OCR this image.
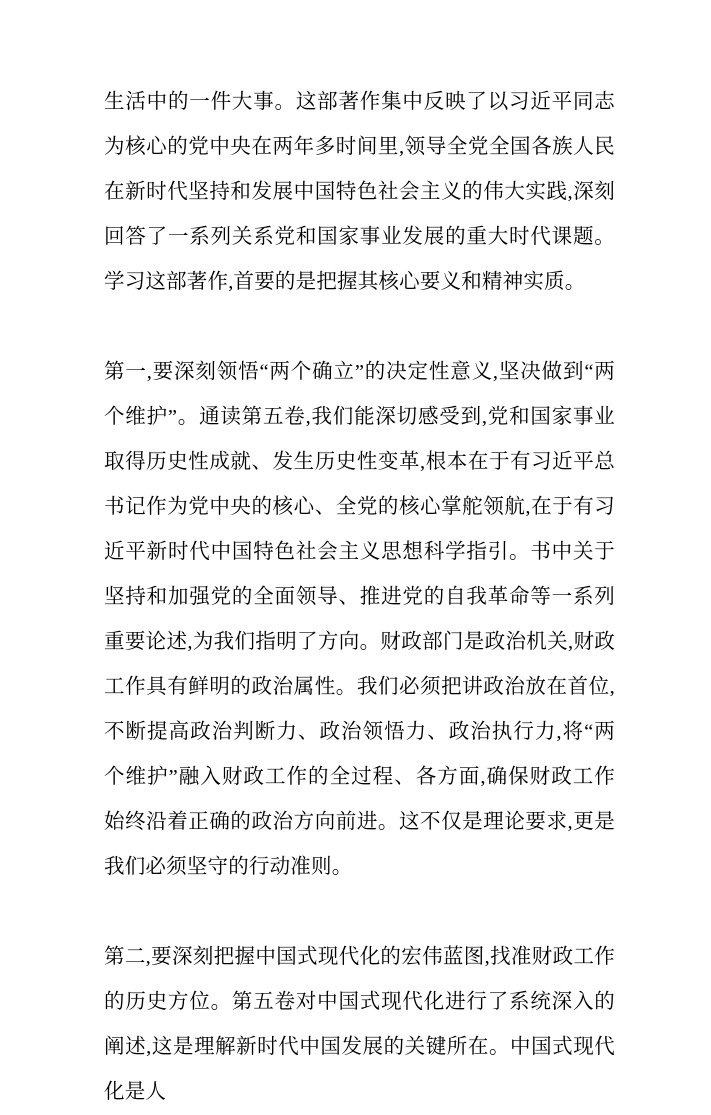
生活中的一件大事。这部著作集中反映了以习近平同志为核心的党中央在两年多时间里,领导全党全国各族人民在新时代坚持和发展中国特色社会主义的伟大实践,深刻回答了一系列关系党和国家事业发展的重大时代课题。学习这部著作,首要的是把握其核心要义和精神实质。

第一,要深刻领悟“两个确立”的决定性意义,坚决做到“两个维护”。通读第五卷,我们能深切感受到,党和国家事业取得历史性成就、发生历史性变革,根本在于有习近平总书记作为党中央的核心、全党的核心掌舵领航,在于有习近平新时代中国特色社会主义思想科学指引。书中关于坚持和加强党的全面领导、推进党的自我革命等一系列重要论述,为我们指明了方向。财政部门是政治机关,财政工作具有鲜明的政治属性。我们必须把讲政治放在首位,不断提高政治判断力、政治领悟力、政治执行力,将“两个维护”融入财政工作的全过程、各方面,确保财政工作始终沿着正确的政治方向前进。这不仅是理论要求,更是我们必须坚守的行动准则。

第二,要深刻把握中国式现代化的宏伟蓝图,找准财政工作的历史方位。第五卷对中国式现代化进行了系统深入的阐述,这是理解新时代中国发展的关键所在。中国式现代化是人
